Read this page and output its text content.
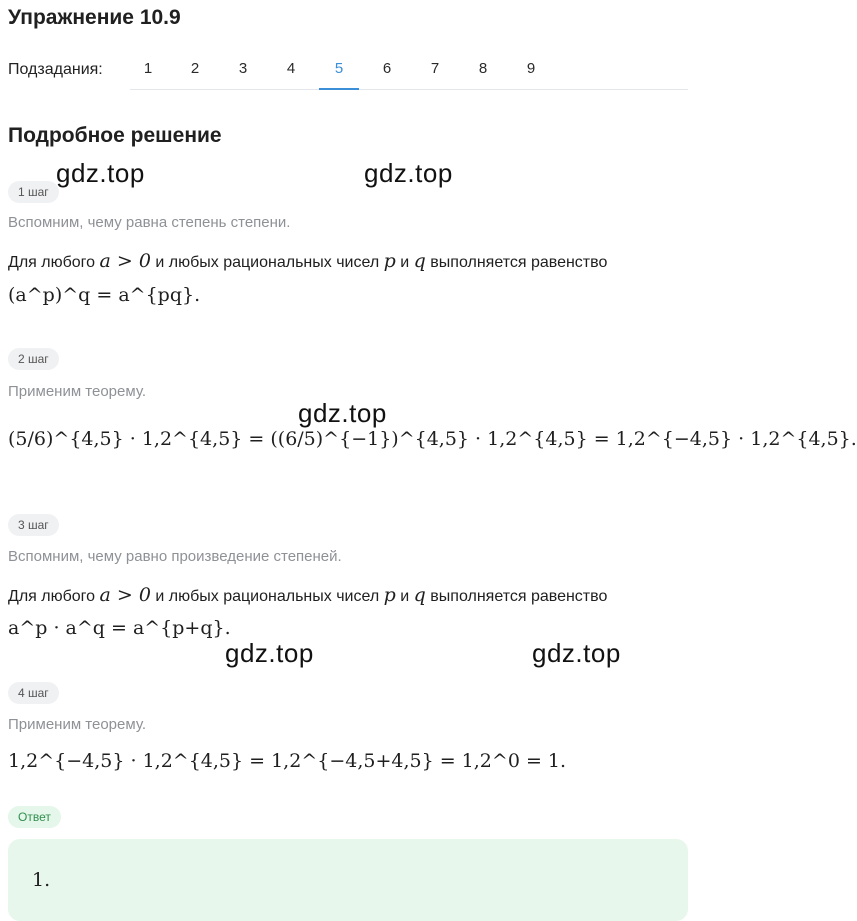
Упражнение 10.9
Подзадания:	1	2	3	4	5	6	7	8	9
Подробное решение
1 шаг
Вспомним, чему равна степень степени.
Для любого a > 0 и любых рациональных чисел p и q выполняется равенство
(a^p)^q = a^{pq}.
2 шаг
Применим теорему.
(5/6)^{4,5} · 1,2^{4,5} = ((6/5)^{−1})^{4,5} · 1,2^{4,5} = 1,2^{−4,5} · 1,2^{4,5}.
3 шаг
Вспомним, чему равно произведение степеней.
Для любого a > 0 и любых рациональных чисел p и q выполняется равенство
a^p · a^q = a^{p+q}.
4 шаг
Применим теорему.
1,2^{−4,5} · 1,2^{4,5} = 1,2^{−4,5+4,5} = 1,2^0 = 1.
Ответ
1.
gdz.top	gdz.top
gdz.top
gdz.top	gdz.top
